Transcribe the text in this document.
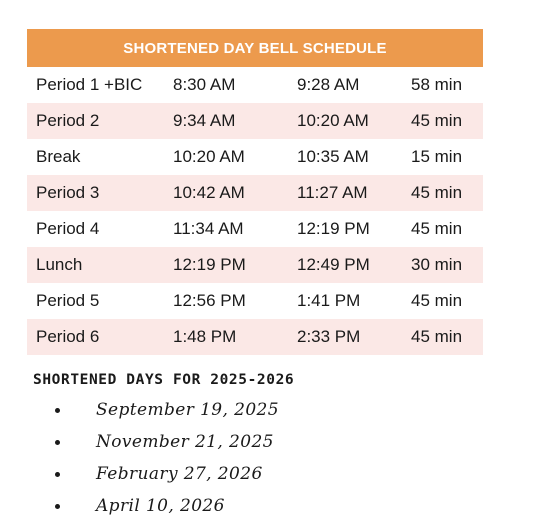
SHORTENED DAY BELL SCHEDULE
Period 1 +BIC	8:30 AM	9:28 AM	58 min
Period 2	9:34 AM	10:20 AM	45 min
Break	10:20 AM	10:35 AM	15 min
Period 3	10:42 AM	11:27 AM	45 min
Period 4	11:34 AM	12:19 PM	45 min
Lunch	12:19 PM	12:49 PM	30 min
Period 5	12:56 PM	1:41 PM	45 min
Period 6	1:48 PM	2:33 PM	45 min
SHORTENED DAYS FOR 2025-2026
September 19, 2025
November 21, 2025
February 27, 2026
April 10, 2026
